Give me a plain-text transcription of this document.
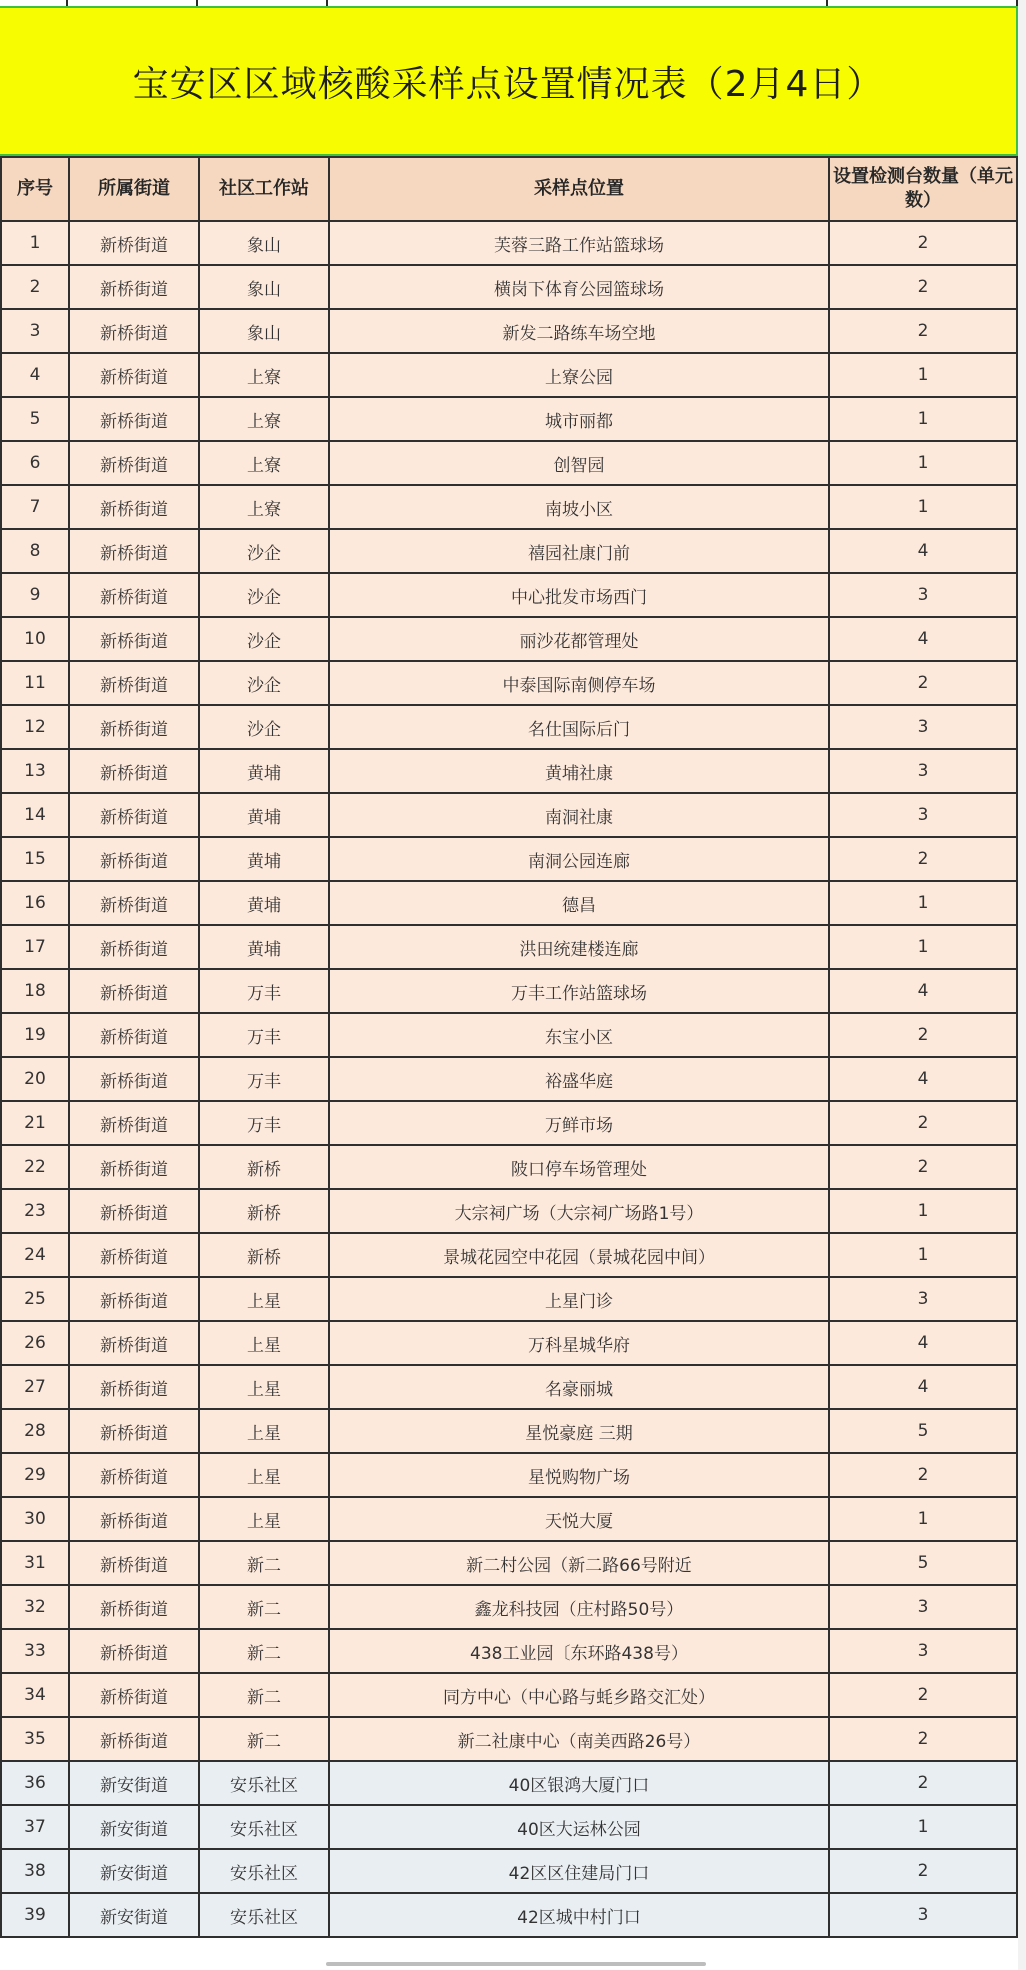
宝安区区域核酸采样点设置情况表（2月4日）
序号	所属街道	社区工作站	采样点位置	设置检测台数量（单元数）
1	新桥街道	象山	芙蓉三路工作站篮球场	2
2	新桥街道	象山	横岗下体育公园篮球场	2
3	新桥街道	象山	新发二路练车场空地	2
4	新桥街道	上寮	上寮公园	1
5	新桥街道	上寮	城市丽都	1
6	新桥街道	上寮	创智园	1
7	新桥街道	上寮	南坡小区	1
8	新桥街道	沙企	禧园社康门前	4
9	新桥街道	沙企	中心批发市场西门	3
10	新桥街道	沙企	丽沙花都管理处	4
11	新桥街道	沙企	中泰国际南侧停车场	2
12	新桥街道	沙企	名仕国际后门	3
13	新桥街道	黄埔	黄埔社康	3
14	新桥街道	黄埔	南洞社康	3
15	新桥街道	黄埔	南洞公园连廊	2
16	新桥街道	黄埔	德昌	1
17	新桥街道	黄埔	洪田统建楼连廊	1
18	新桥街道	万丰	万丰工作站篮球场	4
19	新桥街道	万丰	东宝小区	2
20	新桥街道	万丰	裕盛华庭	4
21	新桥街道	万丰	万鲜市场	2
22	新桥街道	新桥	陂口停车场管理处	2
23	新桥街道	新桥	大宗祠广场（大宗祠广场路1号）	1
24	新桥街道	新桥	景城花园空中花园（景城花园中间）	1
25	新桥街道	上星	上星门诊	3
26	新桥街道	上星	万科星城华府	4
27	新桥街道	上星	名豪丽城	4
28	新桥街道	上星	星悦豪庭 三期	5
29	新桥街道	上星	星悦购物广场	2
30	新桥街道	上星	天悦大厦	1
31	新桥街道	新二	新二村公园（新二路66号附近	5
32	新桥街道	新二	鑫龙科技园（庄村路50号）	3
33	新桥街道	新二	438工业园〔东环路438号）	3
34	新桥街道	新二	同方中心（中心路与蚝乡路交汇处）	2
35	新桥街道	新二	新二社康中心（南美西路26号）	2
36	新安街道	安乐社区	40区银鸿大厦门口	2
37	新安街道	安乐社区	40区大运林公园	1
38	新安街道	安乐社区	42区区住建局门口	2
39	新安街道	安乐社区	42区城中村门口	3
